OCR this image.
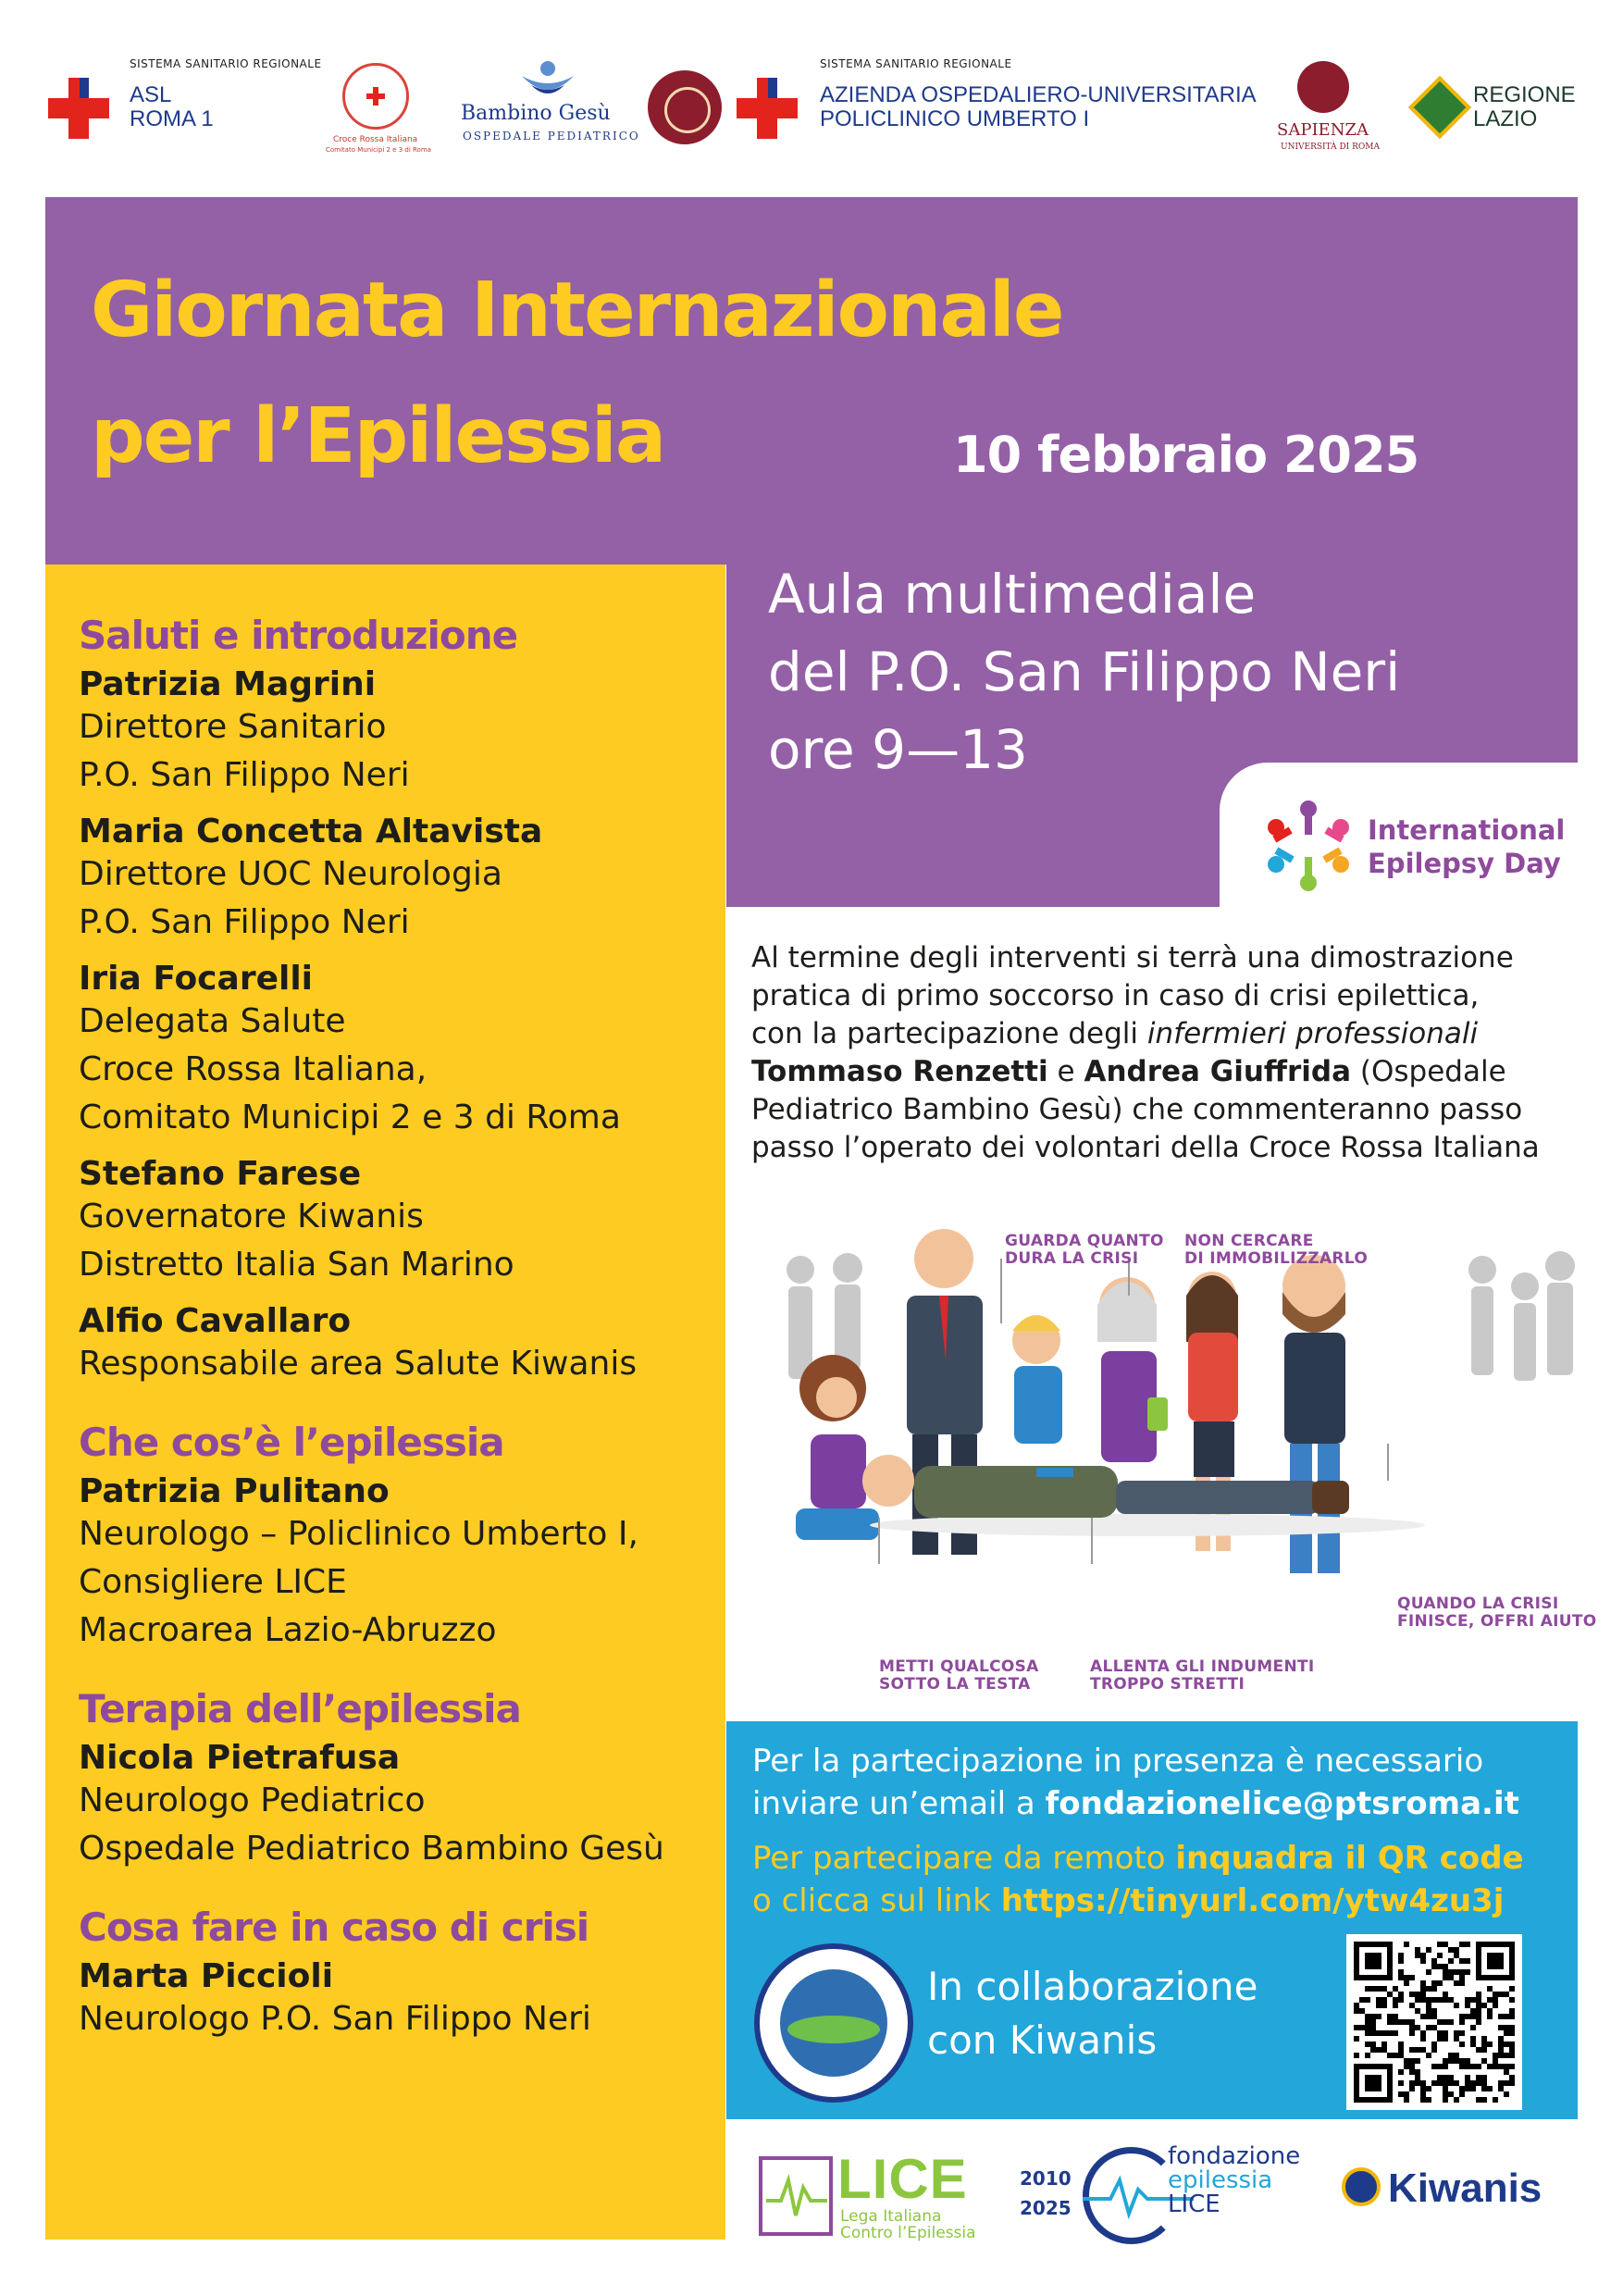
SISTEMA SANITARIO REGIONALE
ASL
ROMA 1
Croce Rossa Italiana
Comitato Municipi 2 e 3 di Roma
Bambino Gesù
OSPEDALE PEDIATRICO
SISTEMA SANITARIO REGIONALE
AZIENDA OSPEDALIERO-UNIVERSITARIA
POLICLINICO UMBERTO I	SAPIENZA
UNIVERSITÀ DI ROMA
REGIONE
LAZIO
Giornata Internazionale
per l’Epilessia	10 febbraio 2025
Aula multimediale
del P.O. San Filippo Neri
ore 9—13
International
Epilepsy Day
Saluti e introduzione
Patrizia Magrini
Direttore Sanitario
P.O. San Filippo Neri
Maria Concetta Altavista
Direttore UOC Neurologia
P.O. San Filippo Neri
Iria Focarelli
Delegata Salute
Croce Rossa Italiana,
Comitato Municipi 2 e 3 di Roma
Stefano Farese
Governatore Kiwanis
Distretto Italia San Marino
Alfio Cavallaro
Responsabile area Salute Kiwanis
Che cos’è l’epilessia
Patrizia Pulitano
Neurologo – Policlinico Umberto I,
Consigliere LICE
Macroarea Lazio-Abruzzo
Terapia dell’epilessia
Nicola Pietrafusa
Neurologo Pediatrico
Ospedale Pediatrico Bambino Gesù
Cosa fare in caso di crisi
Marta Piccioli
Neurologo P.O. San Filippo Neri
Al termine degli interventi si terrà una dimostrazione
pratica di primo soccorso in caso di crisi epilettica,
con la partecipazione degli infermieri professionali
Tommaso Renzetti e Andrea Giuffrida (Ospedale
Pediatrico Bambino Gesù) che commenteranno passo
passo l’operato dei volontari della Croce Rossa Italiana
GUARDA QUANTO
DURA LA CRISI
NON CERCARE
DI IMMOBILIZZARLO
QUANDO LA CRISI
FINISCE, OFFRI AIUTO
METTI QUALCOSA
SOTTO LA TESTA
ALLENTA GLI INDUMENTI
TROPPO STRETTI
Per la partecipazione in presenza è necessario
inviare un’email a fondazionelice@ptsroma.it
Per partecipare da remoto inquadra il QR code
o clicca sul link https://tinyurl.com/ytw4zu3j
In collaborazione
con Kiwanis
LICE
Lega Italiana
Contro l’Epilessia
2010
2025
fondazione
epilessia
LICE	Kiwanis
